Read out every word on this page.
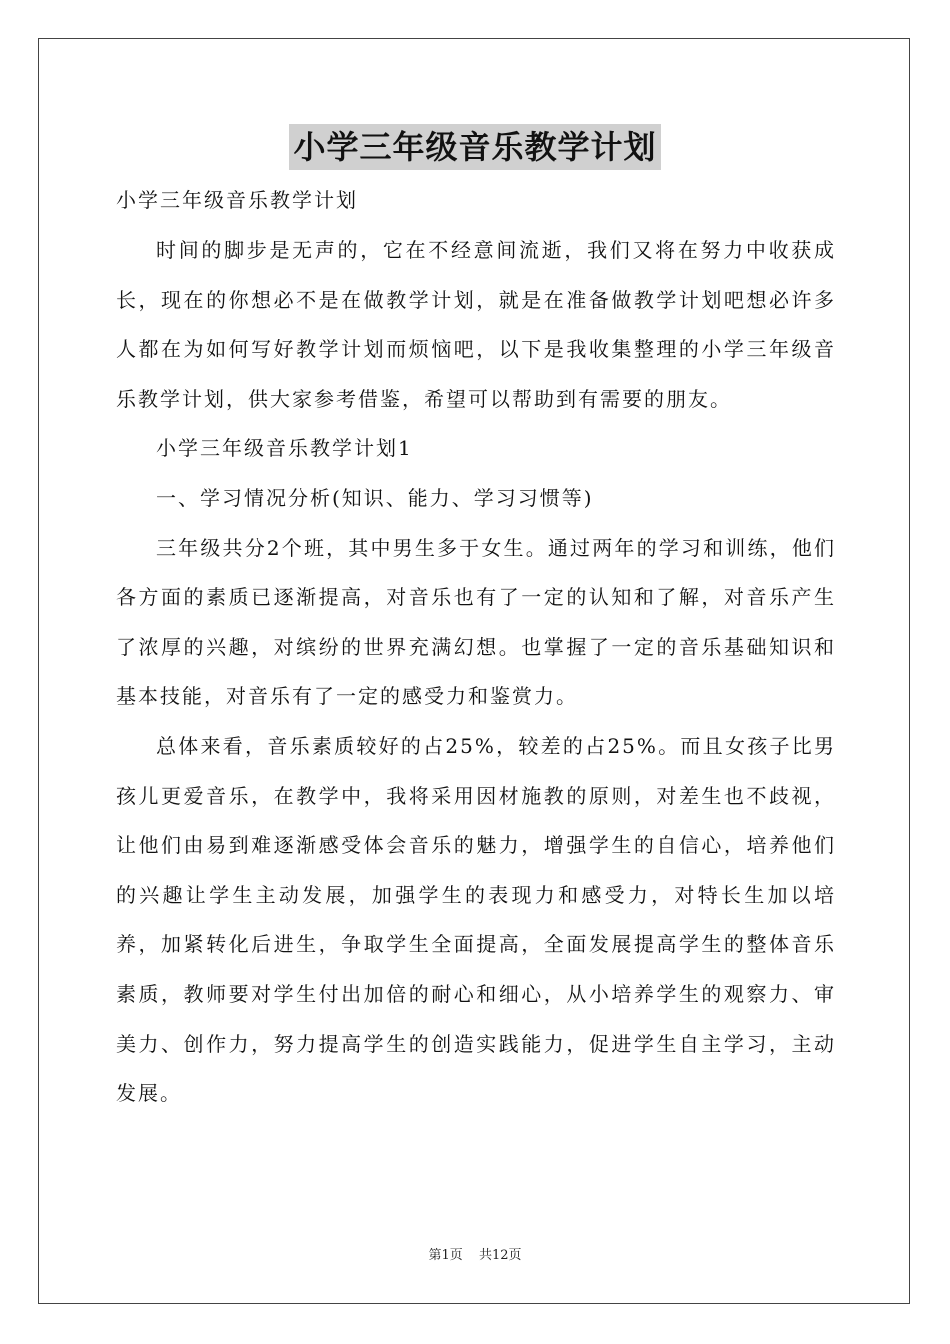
小学三年级音乐教学计划

小学三年级音乐教学计划

时间的脚步是无声的，它在不经意间流逝，我们又将在努力中收获成长，现在的你想必不是在做教学计划，就是在准备做教学计划吧想必许多人都在为如何写好教学计划而烦恼吧，以下是我收集整理的小学三年级音乐教学计划，供大家参考借鉴，希望可以帮助到有需要的朋友。

小学三年级音乐教学计划1

一、学习情况分析(知识、能力、学习习惯等)

三年级共分2个班，其中男生多于女生。通过两年的学习和训练，他们各方面的素质已逐渐提高，对音乐也有了一定的认知和了解，对音乐产生了浓厚的兴趣，对缤纷的世界充满幻想。也掌握了一定的音乐基础知识和基本技能，对音乐有了一定的感受力和鉴赏力。

总体来看，音乐素质较好的占25%，较差的占25%。而且女孩子比男孩儿更爱音乐，在教学中，我将采用因材施教的原则，对差生也不歧视，让他们由易到难逐渐感受体会音乐的魅力，增强学生的自信心，培养他们的兴趣让学生主动发展，加强学生的表现力和感受力，对特长生加以培养，加紧转化后进生，争取学生全面提高，全面发展提高学生的整体音乐素质，教师要对学生付出加倍的耐心和细心，从小培养学生的观察力、审美力、创作力，努力提高学生的创造实践能力，促进学生自主学习，主动发展。

第1页 共12页
